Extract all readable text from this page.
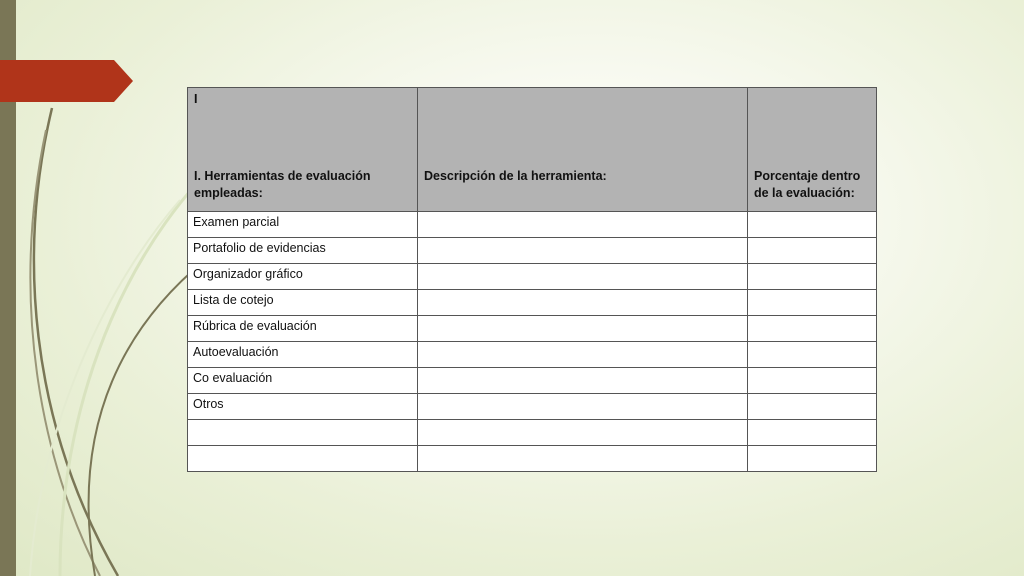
I
I. Herramientas de evaluación empleadas:	Descripción de la herramienta:	Porcentaje dentro de la evaluación:

Examen parcial		
Portafolio de evidencias		
Organizador gráfico		
Lista de cotejo		
Rúbrica de evaluación		
Autoevaluación		
Co evaluación		
Otros		
